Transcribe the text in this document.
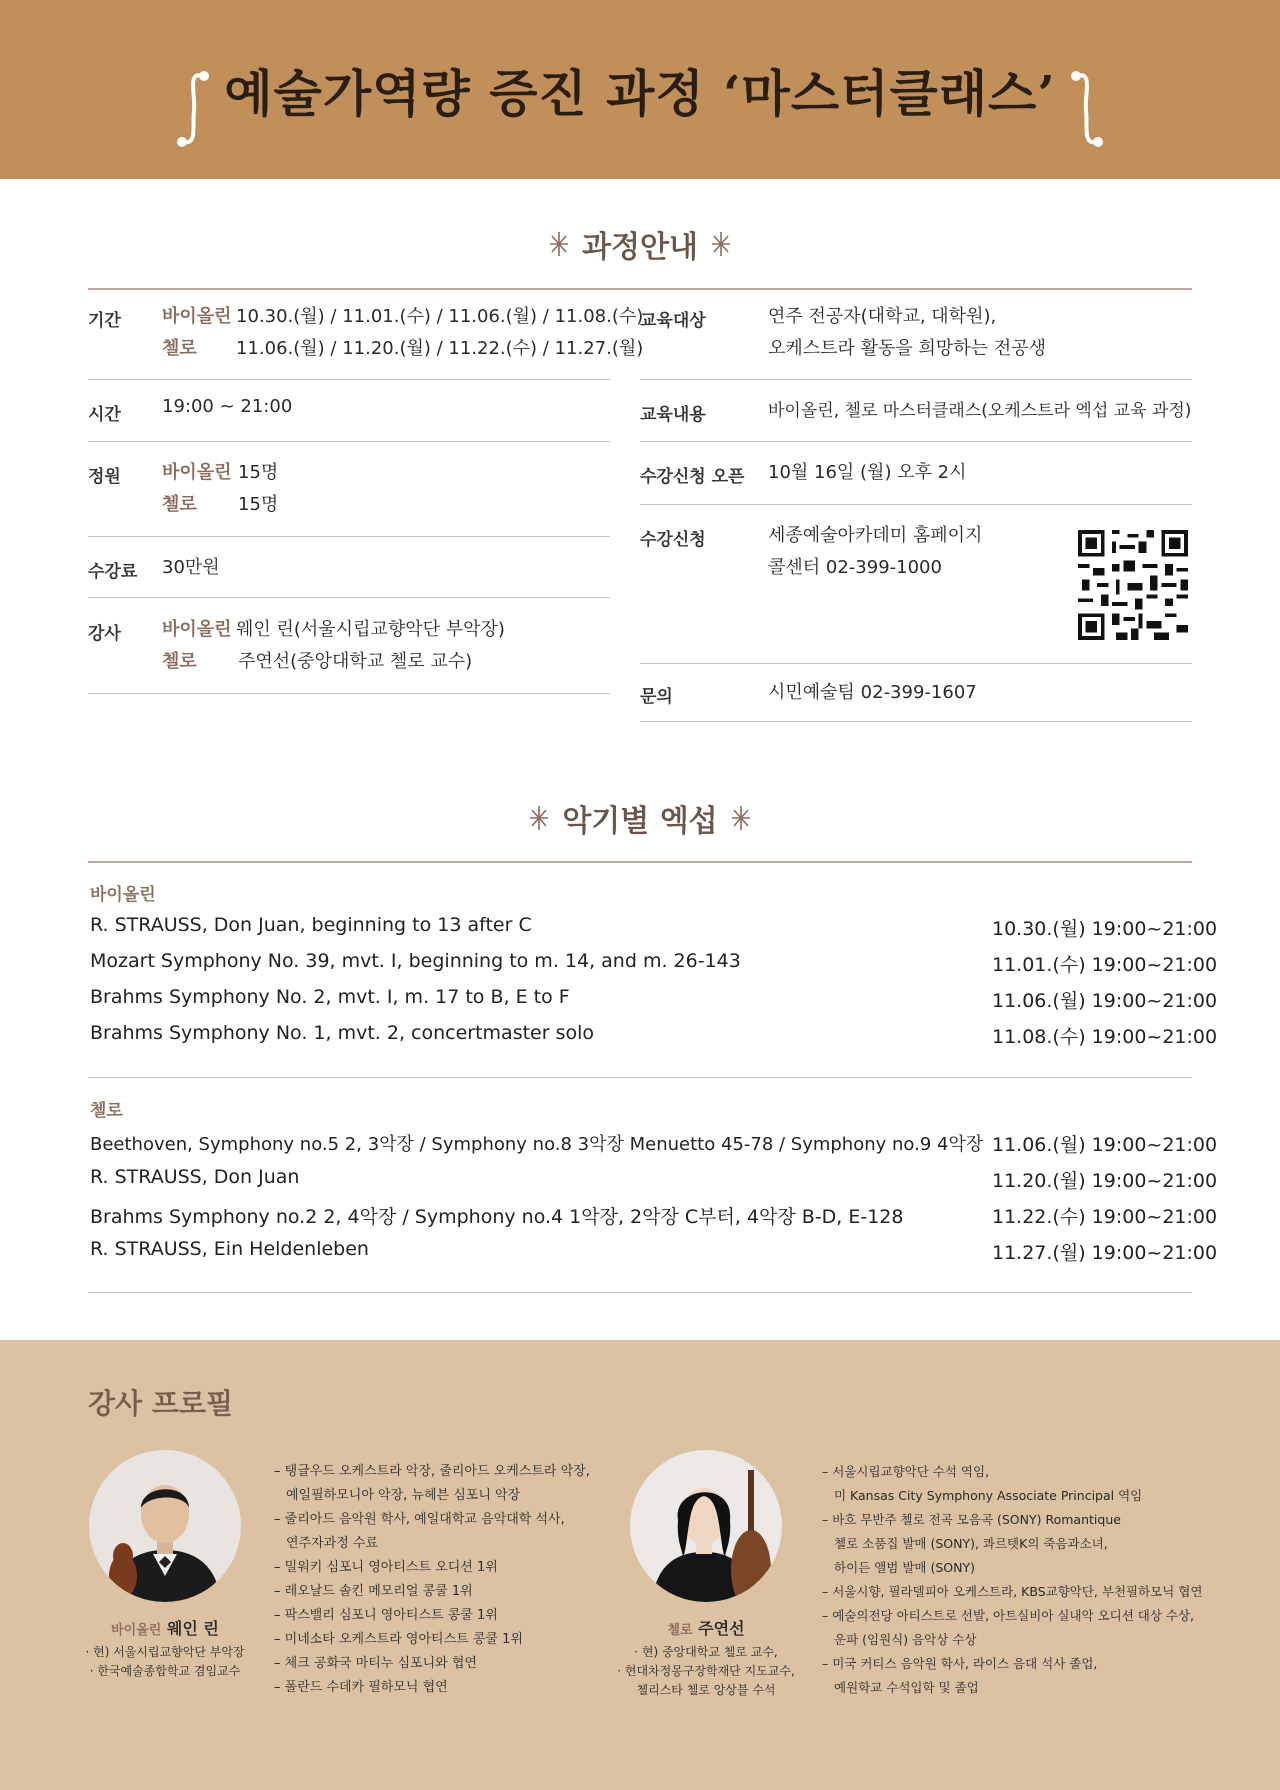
예술가역량 증진 과정 ‘마스터클래스’
과정안내
기간 바이올린 10.30.(월) / 11.01.(수) / 11.06.(월) / 11.08.(수)
첼로 11.06.(월) / 11.20.(월) / 11.22.(수) / 11.27.(월)
시간 19:00 ~ 21:00
정원 바이올린 15명
첼로 15명
수강료 30만원
강사 바이올린 웨인 린(서울시립교향악단 부악장)
첼로 주연선(중앙대학교 첼로 교수)
교육대상	연주 전공자(대학교, 대학원),
오케스트라 활동을 희망하는 전공생
교육내용	바이올린, 첼로 마스터클래스(오케스트라 엑섭 교육 과정)
수강신청 오픈 10월 16일 (월) 오후 2시
수강신청	세종예술아카데미 홈페이지
콜센터 02-399-1000
문의	시민예술팀 02-399-1607
악기별 엑섭
바이올린
R. STRAUSS, Don Juan, beginning to 13 after C	10.30.(월) 19:00~21:00
Mozart Symphony No. 39, mvt. I, beginning to m. 14, and m. 26-143	11.01.(수) 19:00~21:00
Brahms Symphony No. 2, mvt. I, m. 17 to B, E to F	11.06.(월) 19:00~21:00
Brahms Symphony No. 1, mvt. 2, concertmaster solo	11.08.(수) 19:00~21:00
첼로
Beethoven, Symphony no.5 2, 3악장 / Symphony no.8 3악장 Menuetto 45-78 / Symphony no.9 4악장 11.06.(월) 19:00~21:00
R. STRAUSS, Don Juan	11.20.(월) 19:00~21:00
Brahms Symphony no.2 2, 4악장 / Symphony no.4 1악장, 2악장 C부터, 4악장 B-D, E-128	11.22.(수) 19:00~21:00
R. STRAUSS, Ein Heldenleben	11.27.(월) 19:00~21:00
강사 프로필
바이올린 웨인 린
· 현) 서울시립교향악단 부악장
· 한국예술종합학교 겸임교수
– 탱글우드 오케스트라 악장, 줄리아드 오케스트라 악장,
예일필하모니아 악장, 뉴헤븐 심포니 악장
– 줄리아드 음악원 학사, 예일대학교 음악대학 석사,
연주자과정 수료
– 밀워키 심포니 영아티스트 오디션 1위
– 레오날드 솔킨 메모리얼 콩쿨 1위
– 팍스밸리 심포니 영아티스트 콩쿨 1위
– 미네소타 오케스트라 영아티스트 콩쿨 1위
– 체크 공화국 마티누 심포니와 협연
– 폴란드 수데카 필하모닉 협연
첼로 주연선
· 현) 중앙대학교 첼로 교수,
· 현대차정몽구장학재단 지도교수,
첼리스타 첼로 앙상블 수석
– 서울시립교향악단 수석 역임,
미 Kansas City Symphony Associate Principal 역임
– 바흐 무반주 첼로 전곡 모음곡 (SONY) Romantique
첼로 소품집 발매 (SONY), 콰르텟K의 죽음과소녀,
하이든 앨범 발매 (SONY)
– 서울시향, 필라델피아 오케스트라, KBS교향악단, 부천필하모닉 협연
– 예술의전당 아티스트로 선발, 아트실비아 실내악 오디션 대상 수상,
운파 (임원식) 음악상 수상
– 미국 커티스 음악원 학사, 라이스 음대 석사 졸업,
예원학교 수석입학 및 졸업
